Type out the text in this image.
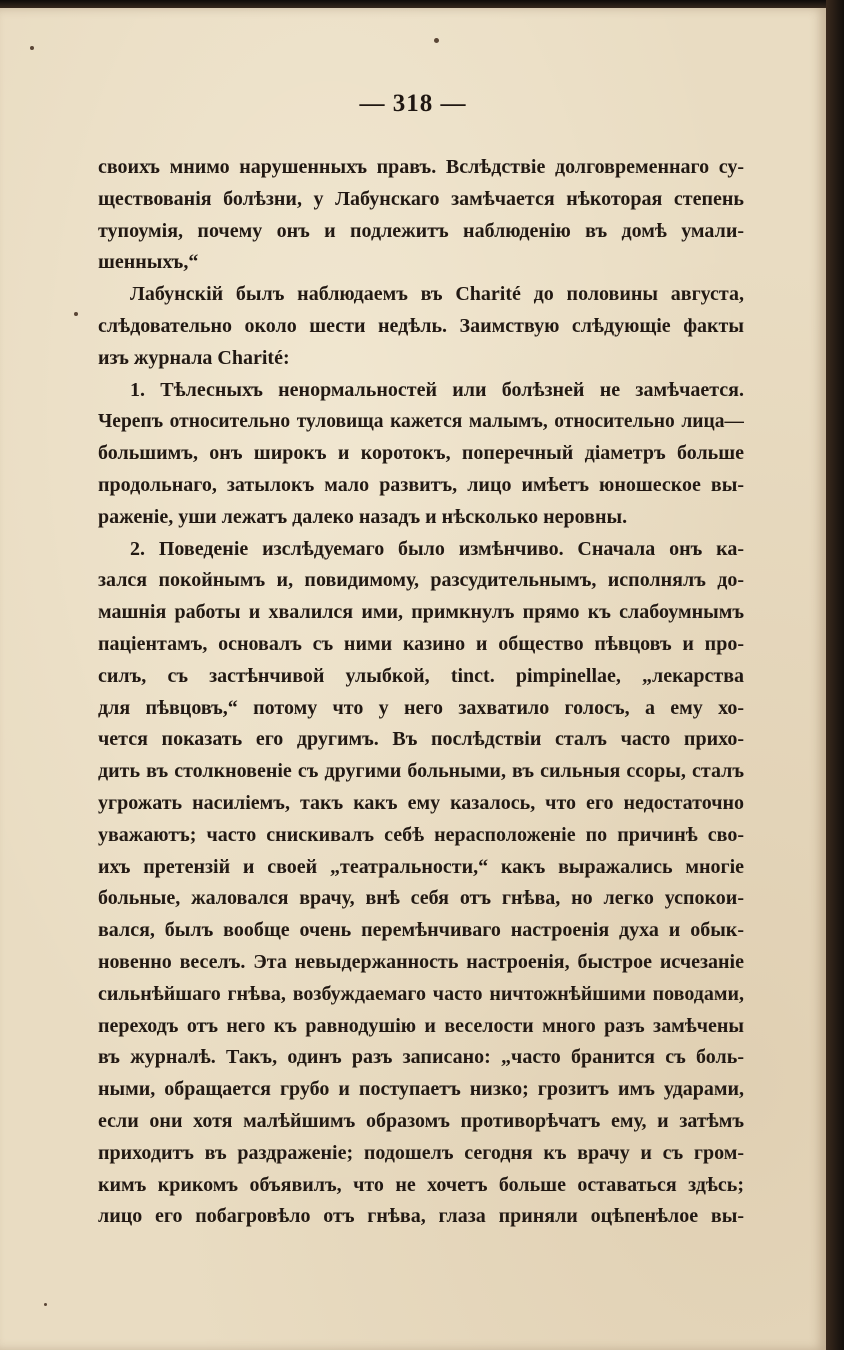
— 318 —
своихъ мнимо нарушенныхъ правъ. Вслѣдствіе долговременнаго су-
ществованія болѣзни, у Лабунскаго замѣчается нѣкоторая степень
тупоумія, почему онъ и подлежитъ наблюденію въ домѣ умали-
шенныхъ,“
Лабунскій былъ наблюдаемъ въ Charité до половины августа,
слѣдовательно около шести недѣль. Заимствую слѣдующіе факты
изъ журнала Charité:
1. Тѣлесныхъ ненормальностей или болѣзней не замѣчается.
Черепъ относительно туловища кажется малымъ, относительно лица—
большимъ, онъ широкъ и коротокъ, поперечный діаметръ больше
продольнаго, затылокъ мало развитъ, лицо имѣетъ юношеское вы-
раженіе, уши лежатъ далеко назадъ и нѣсколько неровны.
2. Поведеніе изслѣдуемаго было измѣнчиво. Сначала онъ ка-
зался покойнымъ и, повидимому, разсудительнымъ, исполнялъ до-
машнія работы и хвалился ими, примкнулъ прямо къ слабоумнымъ
паціентамъ, основалъ съ ними казино и общество пѣвцовъ и про-
силъ, съ застѣнчивой улыбкой, tinct. pimpinellae, „лекарства
для пѣвцовъ,“ потому что у него захватило голосъ, а ему хо-
чется показать его другимъ. Въ послѣдствіи сталъ часто прихо-
дить въ столкновеніе съ другими больными, въ сильныя ссоры, сталъ
угрожать насиліемъ, такъ какъ ему казалось, что его недостаточно
уважаютъ; часто снискивалъ себѣ нерасположеніе по причинѣ сво-
ихъ претензій и своей „театральности,“ какъ выражались многіе
больные, жаловался врачу, внѣ себя отъ гнѣва, но легко успокои-
вался, былъ вообще очень перемѣнчиваго настроенія духа и обык-
новенно веселъ. Эта невыдержанность настроенія, быстрое исчезаніе
сильнѣйшаго гнѣва, возбуждаемаго часто ничтожнѣйшими поводами,
переходъ отъ него къ равнодушію и веселости много разъ замѣчены
въ журналѣ. Такъ, одинъ разъ записано: „часто бранится съ боль-
ными, обращается грубо и поступаетъ низко; грозитъ имъ ударами,
если они хотя малѣйшимъ образомъ противорѣчатъ ему, и затѣмъ
приходитъ въ раздраженіе; подошелъ сегодня къ врачу и съ гром-
кимъ крикомъ объявилъ, что не хочетъ больше оставаться здѣсь;
лицо его побагровѣло отъ гнѣва, глаза приняли оцѣпенѣлое вы-
